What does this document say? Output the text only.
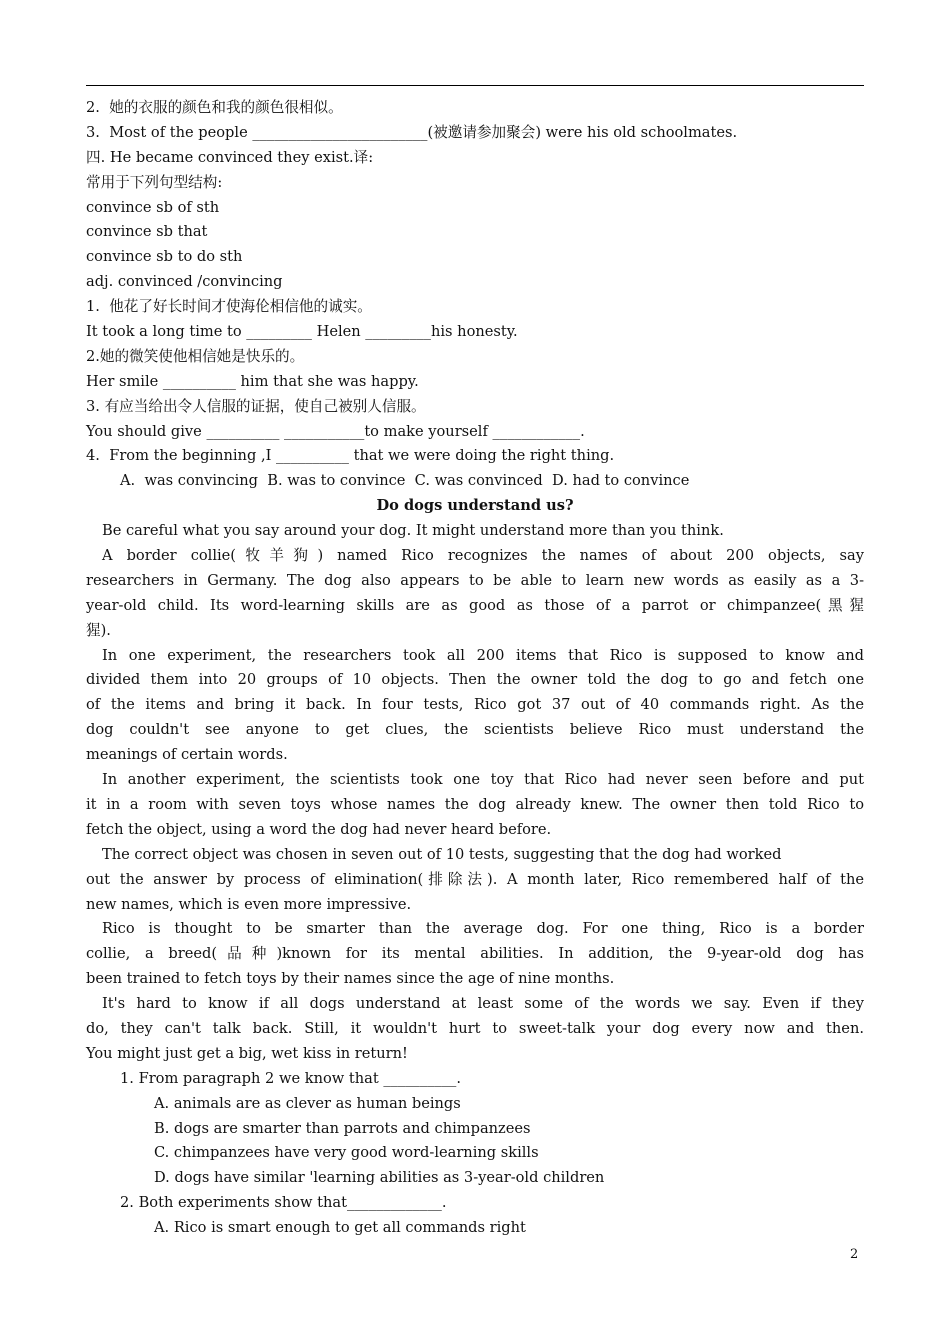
2.  她的衣服的颜色和我的颜色很相似。
3.  Most of the people ________________________(被邀请参加聚会) were his old schoolmates.
四. He became convinced they exist.译:
常用于下列句型结构:
convince sb of sth
convince sb that
convince sb to do sth
adj. convinced /convincing
1.  他花了好长时间才使海伦相信他的诚实。
It took a long time to _________ Helen _________his honesty.
2.她的微笑使他相信她是快乐的。
Her smile __________ him that she was happy.
3. 有应当给出令人信服的证据，使自己被别人信服。
You should give __________ ___________to make yourself ____________.
4.  From the beginning ,I __________ that we were doing the right thing.
A.  was convincing  B. was to convince  C. was convinced  D. had to convince
Do dogs understand us?
Be careful what you say around your dog. It might understand more than you think.
A border collie(牧羊狗) named Rico recognizes the names of about 200 objects, say
researchers in Germany. The dog also appears to be able to learn new words as easily as a 3-
year-old child. Its word-learning skills are as good as those of a parrot or chimpanzee(黑猩
猩).
In one experiment, the researchers took all 200 items that Rico is supposed to know and
divided them into 20 groups of 10 objects. Then the owner told the dog to go and fetch one
of the items and bring it back. In four tests, Rico got 37 out of 40 commands right. As the
dog couldn't see anyone to get clues, the scientists believe Rico must understand the
meanings of certain words.
In another experiment, the scientists took one toy that Rico had never seen before and put
it in a room with seven toys whose names the dog already knew. The owner then told Rico to
fetch the object, using a word the dog had never heard before.
The correct object was chosen in seven out of 10 tests, suggesting that the dog had worked
out the answer by process of elimination(排除法). A month later, Rico remembered half of the
new names, which is even more impressive.
Rico is thought to be smarter than the average dog. For one thing, Rico is a border
collie, a breed(品种)known for its mental abilities. In addition, the 9-year-old dog has
been trained to fetch toys by their names since the age of nine months.
It's hard to know if all dogs understand at least some of the words we say. Even if they
do, they can't talk back. Still, it wouldn't hurt to sweet-talk your dog every now and then.
You might just get a big, wet kiss in return!
1. From paragraph 2 we know that __________.
A. animals are as clever as human beings
B. dogs are smarter than parrots and chimpanzees
C. chimpanzees have very good word-learning skills
D. dogs have similar 'learning abilities as 3-year-old children
2. Both experiments show that_____________.
A. Rico is smart enough to get all commands right
2
